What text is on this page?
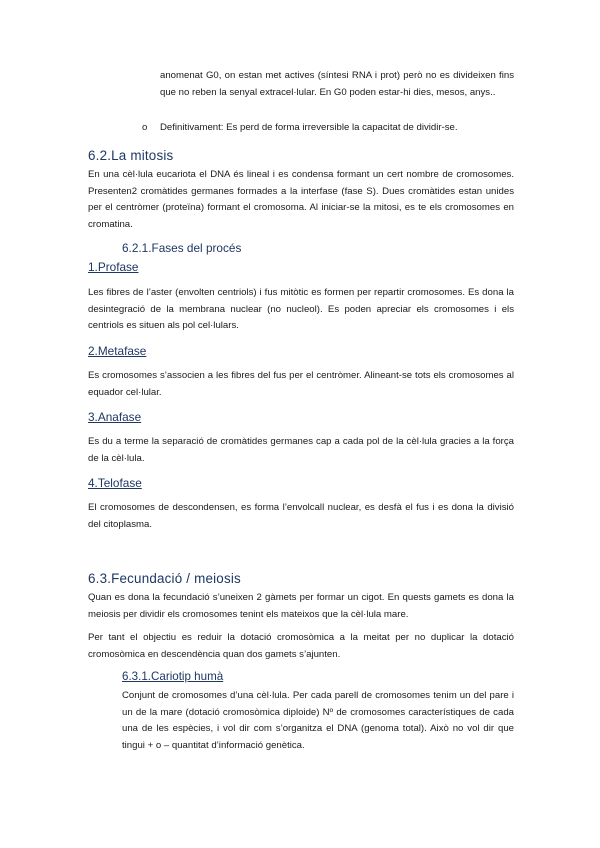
anomenat G0, on estan met actives (síntesi RNA i prot) però no es divideixen fins que no reben la senyal extracel·lular. En G0 poden estar-hi dies, mesos, anys..

o Definitivament: Es perd de forma irreversible la capacitat de dividir-se.
6.2.La mitosis

En una cèl·lula eucariota el DNA és lineal i es condensa formant un cert nombre de cromosomes. Presenten2 cromàtides germanes formades a la interfase (fase S). Dues cromàtides estan unides per el centròmer (proteïna) formant el cromosoma. Al iniciar-se la mitosi, es te els cromosomes en cromatina.

6.2.1.Fases del procés
1.Profase

Les fibres de l’aster (envolten centriols) i fus mitòtic es formen per repartir cromosomes. Es dona la desintegració de la membrana nuclear (no nucleol). Es poden apreciar els cromosomes i els centriols es situen als pol cel·lulars.

2.Metafase

Es cromosomes s’associen a les fibres del fus per el centròmer. Alineant-se tots els cromosomes al equador cel·lular.

3.Anafase

Es du a terme la separació de cromàtides germanes cap a cada pol de la cèl·lula gracies a la força de la cèl·lula.

4.Telofase

El cromosomes de descondensen, es forma l’envolcall nuclear, es desfà el fus i es dona la divisió del citoplasma.

6.3.Fecundació / meiosis

Quan es dona la fecundació s’uneixen 2 gàmets per formar un cigot. En quests gamets es dona la meiosis per dividir els cromosomes tenint els mateixos que la cèl·lula mare.

Per tant el objectiu es reduir la dotació cromosòmica a la meitat per no duplicar la dotació cromosòmica en descendència quan dos gamets s’ajunten.

6.3.1.Cariotip humà

Conjunt de cromosomes d’una cèl·lula. Per cada parell de cromosomes tenim un del pare i un de la mare (dotació cromosòmica diploide) Nº de cromosomes característiques de cada una de les espècies, i vol dir com s’organitza el DNA (genoma total). Això no vol dir que tingui + o – quantitat d’informació genètica.
